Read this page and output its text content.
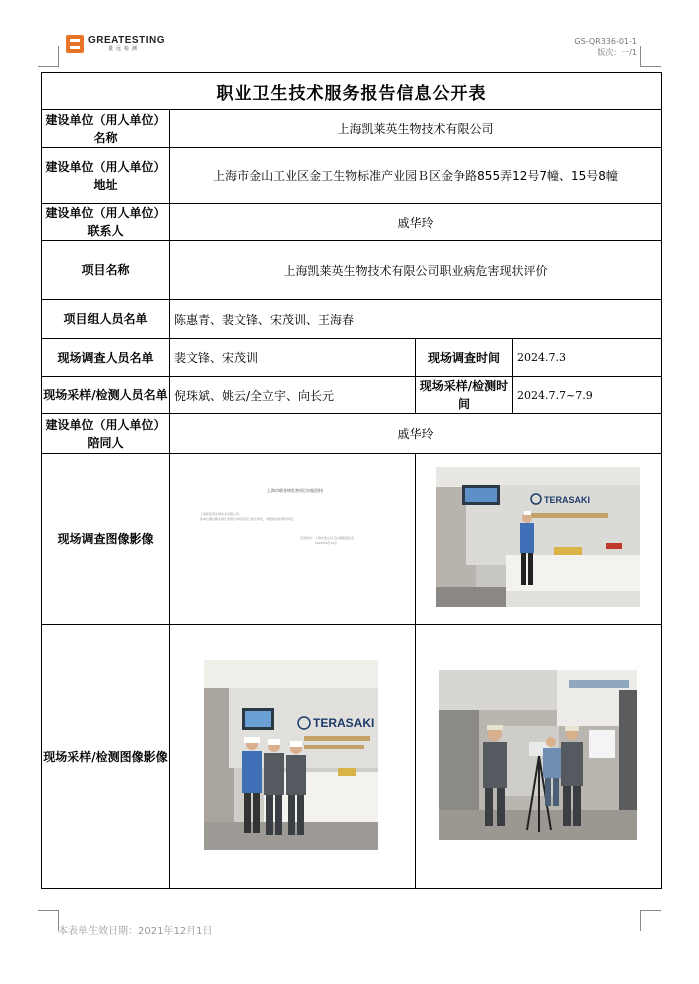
GREATESTING
量远检测
GS-QR336-01-1
版次：一/1
职业卫生技术服务报告信息公开表			
建设单位（用人单位）名称	上海凯莱英生物技术有限公司		
建设单位（用人单位）地址	上海市金山工业区金工生物标准产业园Ｂ区金争路855弄12号7幢、15号8幢		
建设单位（用人单位）联系人	戚华玲		
项目名称	上海凯莱英生物技术有限公司职业病危害现状评价		
项目组人员名单	陈惠青、裴文锋、宋茂训、王海春		
现场调查人员名单	裴文锋、宋茂训	现场调查时间	2024.7.3
现场采样/检测人员名单	倪珠斌、姚云/全立宇、向长元	现场采样/检测时间	2024.7.7~7.9
建设单位（用人单位）陪同人	戚华玲		
现场调查图像影像	上海市职业病危害项目申报回执
上海凯莱英生物技术有限公司
你单位通过职业病危害项目申报系统已提交申报，请根据实际情况申报。
签发单位：上海市金山区卫生健康委员会
2023年6月16日	TERASAKI	

现场采样/检测图像影像	TERASAKI

本表单生效日期：2021年12月1日
